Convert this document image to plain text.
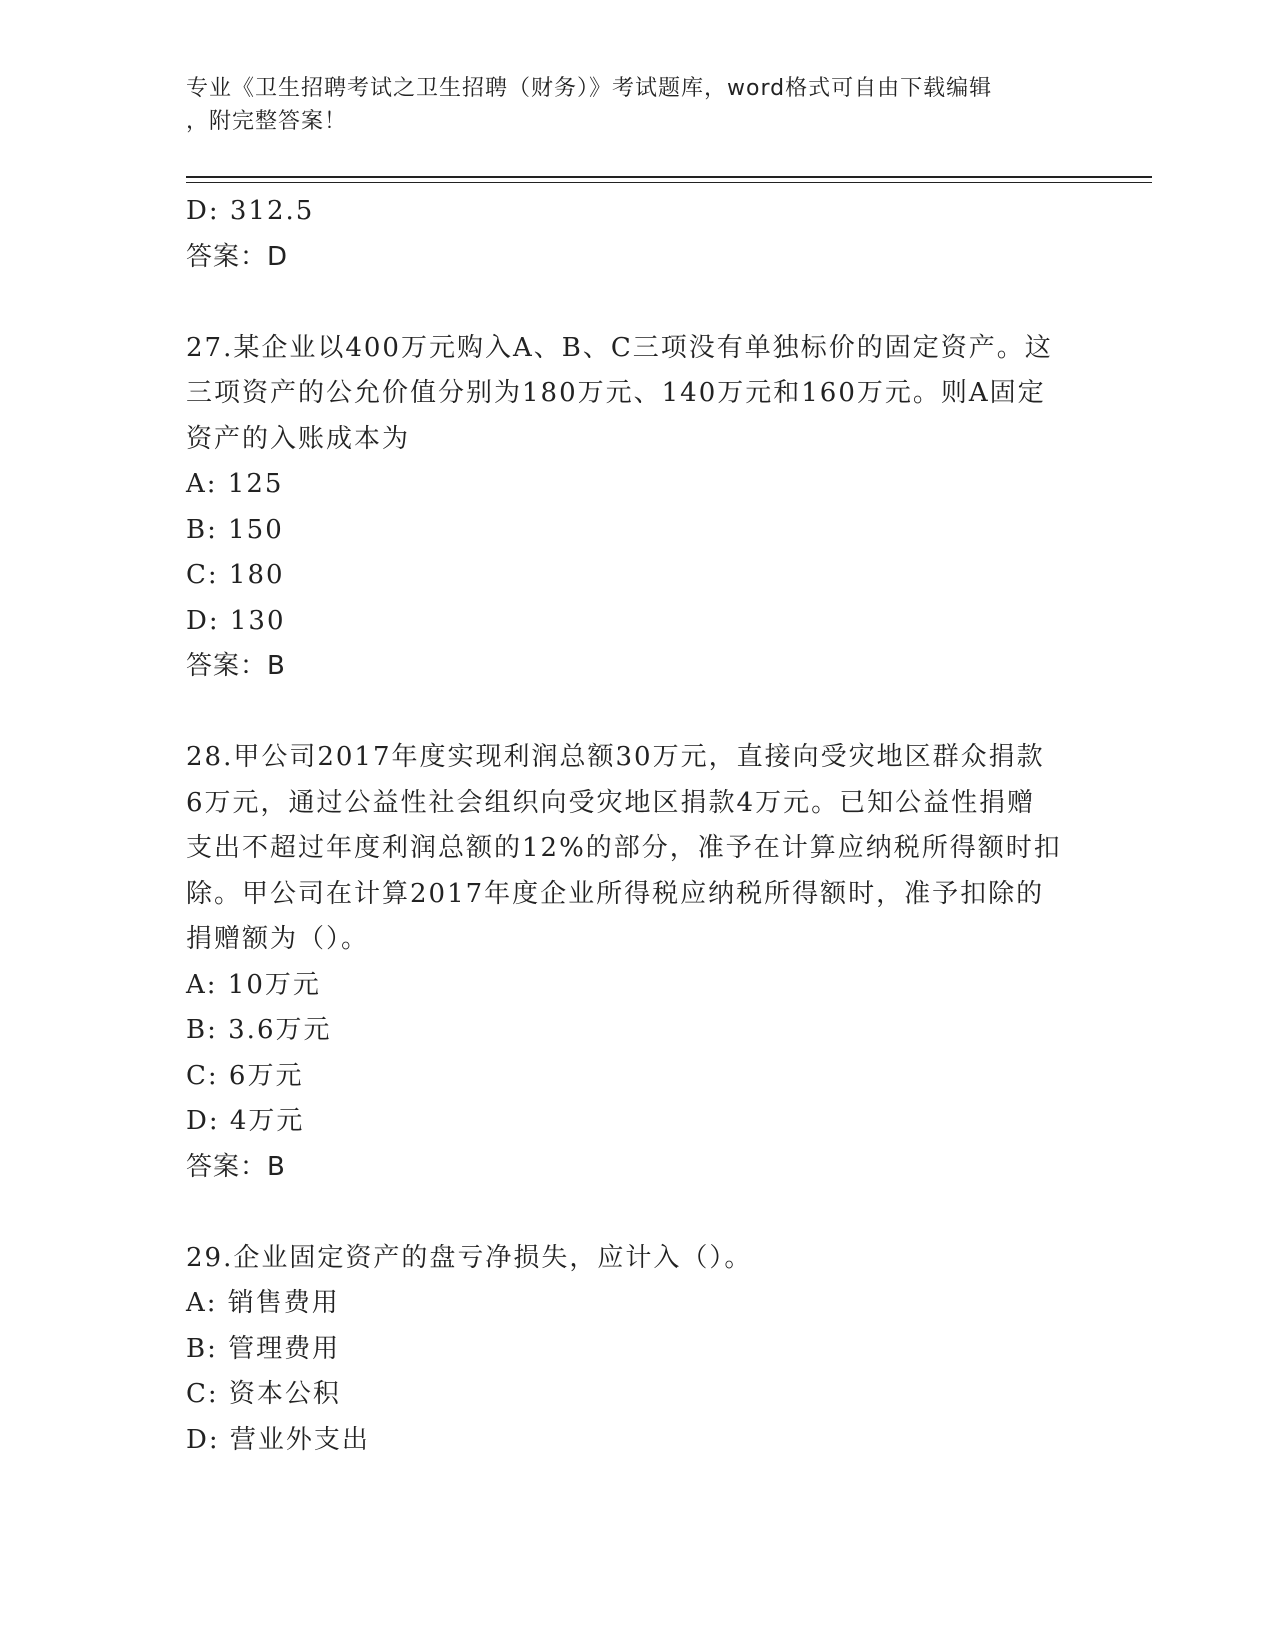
专业《卫生招聘考试之卫生招聘（财务）》考试题库，word格式可自由下载编辑
，附完整答案！
D: 312.5
答案：D
27.某企业以400万元购入A、B、C三项没有单独标价的固定资产。这
三项资产的公允价值分别为180万元、140万元和160万元。则A固定
资产的入账成本为
A: 125
B: 150
C: 180
D: 130
答案：B
28.甲公司2017年度实现利润总额30万元，直接向受灾地区群众捐款
6万元，通过公益性社会组织向受灾地区捐款4万元。已知公益性捐赠
支出不超过年度利润总额的12%的部分，准予在计算应纳税所得额时扣
除。甲公司在计算2017年度企业所得税应纳税所得额时，准予扣除的
捐赠额为（）。
A: 10万元
B: 3.6万元
C: 6万元
D: 4万元
答案：B
29.企业固定资产的盘亏净损失，应计入（）。
A: 销售费用
B: 管理费用
C: 资本公积
D: 营业外支出
